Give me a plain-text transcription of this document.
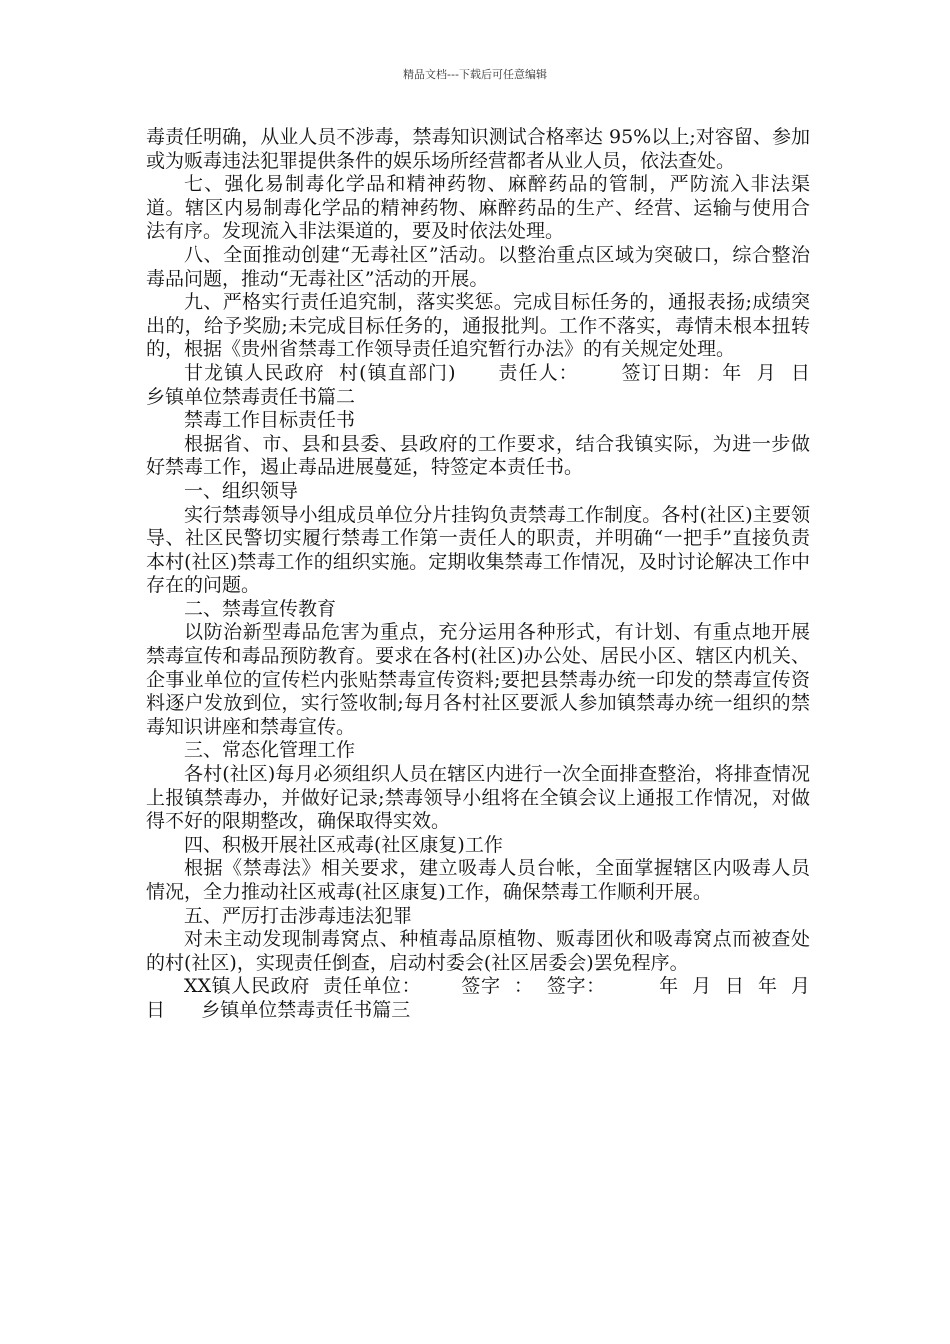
精品文档---下载后可任意编辑

毒责任明确，从业人员不涉毒，禁毒知识测试合格率达 95%以上;对容留、参加或为贩毒违法犯罪提供条件的娱乐场所经营都者从业人员，依法查处。

七、强化易制毒化学品和精神药物、麻醉药品的管制，严防流入非法渠道。辖区内易制毒化学品的精神药物、麻醉药品的生产、经营、运输与使用合法有序。发现流入非法渠道的，要及时依法处理。

八、全面推动创建“无毒社区”活动。以整治重点区域为突破口，综合整治毒品问题，推动“无毒社区”活动的开展。

九、严格实行责任追究制，落实奖惩。完成目标任务的，通报表扬;成绩突出的，给予奖励;未完成目标任务的，通报批判。工作不落实，毒情未根本扭转的，根据《贵州省禁毒工作领导责任追究暂行办法》的有关规定处理。

甘龙镇人民政府  村(镇直部门)      责任人：      签订日期：年  月  日      乡镇单位禁毒责任书篇二

禁毒工作目标责任书

根据省、市、县和县委、县政府的工作要求，结合我镇实际，为进一步做好禁毒工作，遏止毒品进展蔓延，特签定本责任书。

一、组织领导

实行禁毒领导小组成员单位分片挂钩负责禁毒工作制度。各村(社区)主要领导、社区民警切实履行禁毒工作第一责任人的职责，并明确“一把手”直接负责本村(社区)禁毒工作的组织实施。定期收集禁毒工作情况，及时讨论解决工作中存在的问题。

二、禁毒宣传教育

以防治新型毒品危害为重点，充分运用各种形式，有计划、有重点地开展禁毒宣传和毒品预防教育。要求在各村(社区)办公处、居民小区、辖区内机关、企事业单位的宣传栏内张贴禁毒宣传资料;要把县禁毒办统一印发的禁毒宣传资料逐户发放到位，实行签收制;每月各村社区要派人参加镇禁毒办统一组织的禁毒知识讲座和禁毒宣传。

三、常态化管理工作

各村(社区)每月必须组织人员在辖区内进行一次全面排查整治，将排查情况上报镇禁毒办，并做好记录;禁毒领导小组将在全镇会议上通报工作情况，对做得不好的限期整改，确保取得实效。

四、积极开展社区戒毒(社区康复)工作

根据《禁毒法》相关要求，建立吸毒人员台帐，全面掌握辖区内吸毒人员情况，全力推动社区戒毒(社区康复)工作，确保禁毒工作顺利开展。

五、严厉打击涉毒违法犯罪

对未主动发现制毒窝点、种植毒品原植物、贩毒团伙和吸毒窝点而被查处的村(社区)，实现责任倒查，启动村委会(社区居委会)罢免程序。

XX镇人民政府  责任单位：      签字  ：  签字：        年  月  日  年  月  日      乡镇单位禁毒责任书篇三
